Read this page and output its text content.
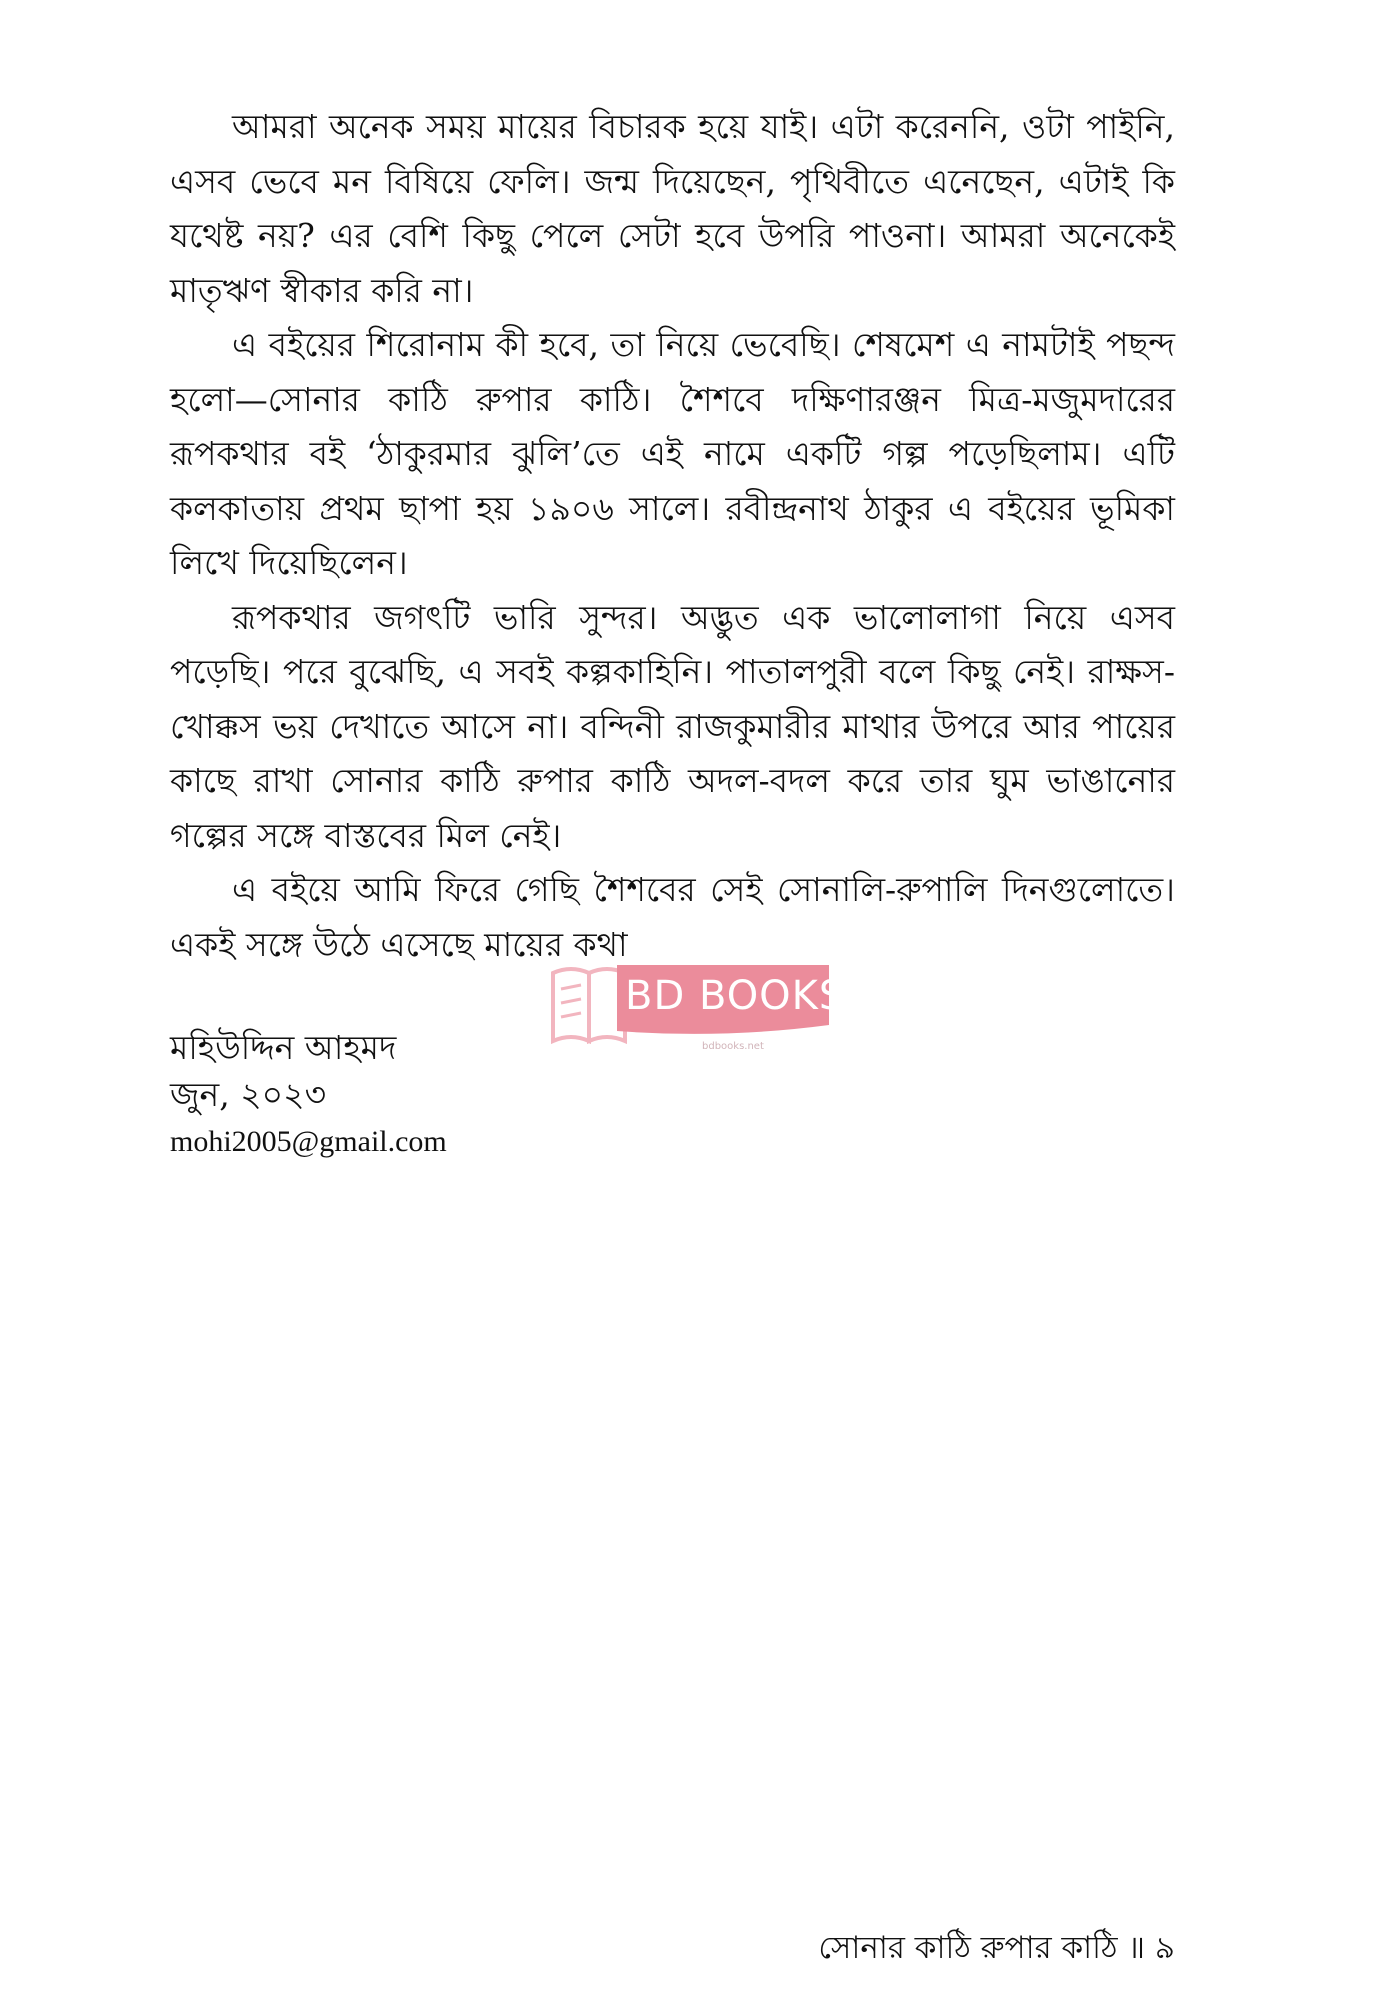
আমরা অনেক সময় মায়ের বিচারক হয়ে যাই। এটা করেননি, ওটা পাইনি, এসব ভেবে মন বিষিয়ে ফেলি। জন্ম দিয়েছেন, পৃথিবীতে এনেছেন, এটাই কি যথেষ্ট নয়? এর বেশি কিছু পেলে সেটা হবে উপরি পাওনা। আমরা অনেকেই মাতৃঋণ স্বীকার করি না।

এ বইয়ের শিরোনাম কী হবে, তা নিয়ে ভেবেছি। শেষমেশ এ নামটাই পছন্দ হলো—সোনার কাঠি রুপার কাঠি। শৈশবে দক্ষিণারঞ্জন মিত্র-মজুমদারের রূপকথার বই ‘ঠাকুরমার ঝুলি’তে এই নামে একটি গল্প পড়েছিলাম। এটি কলকাতায় প্রথম ছাপা হয় ১৯০৬ সালে। রবীন্দ্রনাথ ঠাকুর এ বইয়ের ভূমিকা লিখে দিয়েছিলেন।

রূপকথার জগৎটি ভারি সুন্দর। অদ্ভুত এক ভালোলাগা নিয়ে এসব পড়েছি। পরে বুঝেছি, এ সবই কল্পকাহিনি। পাতালপুরী বলে কিছু নেই। রাক্ষস-খোক্কস ভয় দেখাতে আসে না। বন্দিনী রাজকুমারীর মাথার উপরে আর পায়ের কাছে রাখা সোনার কাঠি রুপার কাঠি অদল-বদল করে তার ঘুম ভাঙানোর গল্পের সঙ্গে বাস্তবের মিল নেই।

এ বইয়ে আমি ফিরে গেছি শৈশবের সেই সোনালি-রুপালি দিনগুলোতে। একই সঙ্গে উঠে এসেছে মায়ের কথা

BD BOOKS
bdbooks.net
মহিউদ্দিন আহমদ
জুন, ২০২৩
mohi2005@gmail.com
সোনার কাঠি রুপার কাঠি ॥ ৯
